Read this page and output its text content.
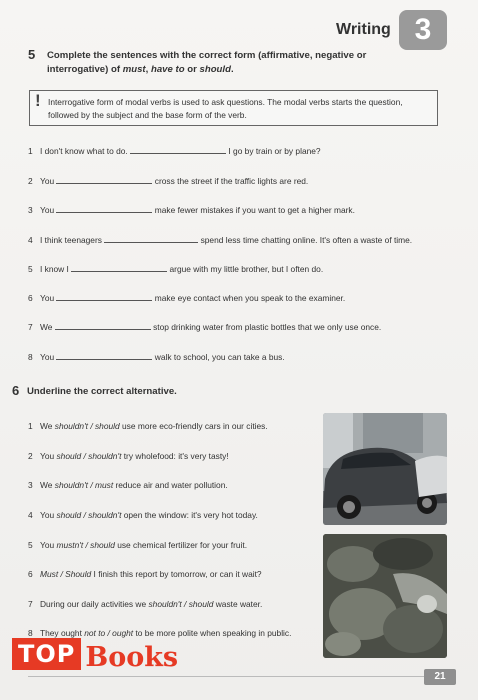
Writing 3
5 Complete the sentences with the correct form (affirmative, negative or interrogative) of must, have to or should.
! Interrogative form of modal verbs is used to ask questions. The modal verbs starts the question, followed by the subject and the base form of the verb.
1 I don't know what to do.	I go by train or by plane?
2 You	cross the street if the traffic lights are red.
3 You	make fewer mistakes if you want to get a higher mark.
4 I think teenagers	spend less time chatting online. It's often a waste of time.
5 I know I	argue with my little brother, but I often do.
6 You	make eye contact when you speak to the examiner.
7 We	stop drinking water from plastic bottles that we only use once.
8 You	walk to school, you can take a bus.
6 Underline the correct alternative.
1 We shouldn't / should use more eco-friendly cars in our cities.
2 You should / shouldn't try wholefood: it's very tasty!
3 We shouldn't / must reduce air and water pollution.
4 You should / shouldn't open the window: it's very hot today.
5 You mustn't / should use chemical fertilizer for your fruit.
6 Must / Should I finish this report by tomorrow, or can it wait?
7 During our daily activities we shouldn't / should waste water.
8 They ought not to / ought to be more polite when speaking in public.
TOP Books
21
